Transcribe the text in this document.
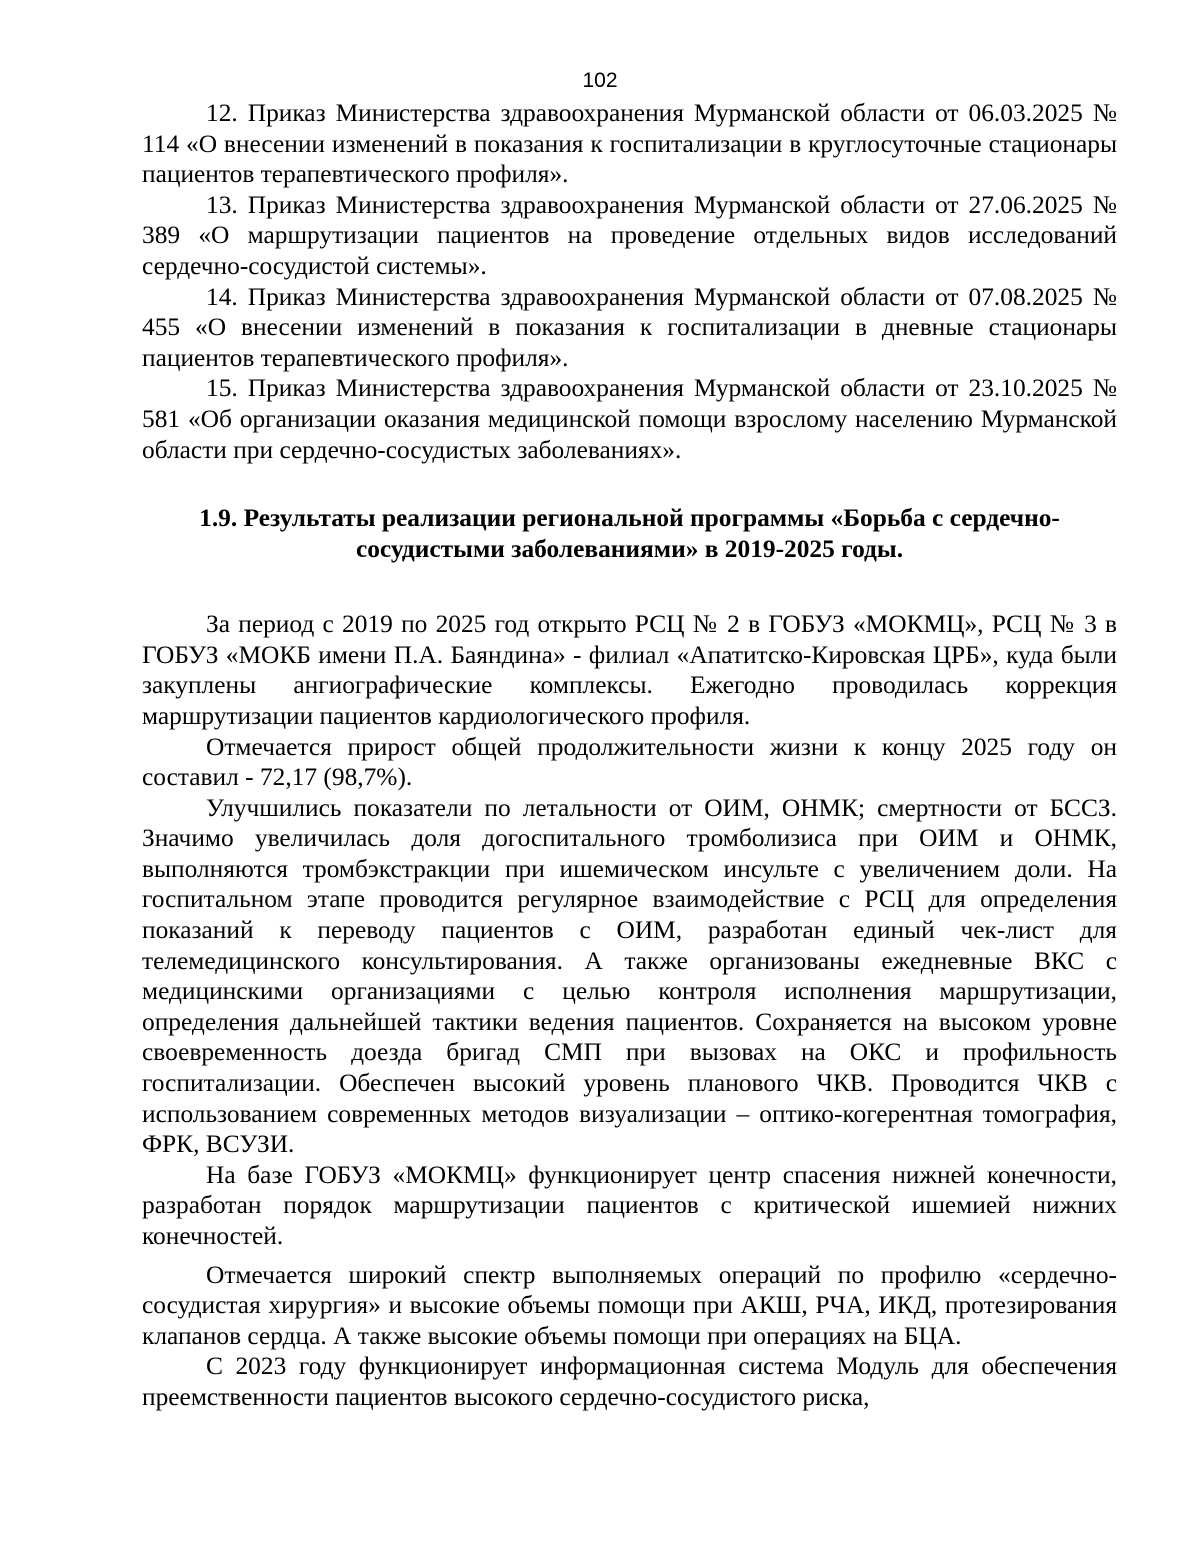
102

12. Приказ Министерства здравоохранения Мурманской области от 06.03.2025 № 114 «О внесении изменений в показания к госпитализации в круглосуточные стационары пациентов терапевтического профиля».

13. Приказ Министерства здравоохранения Мурманской области от 27.06.2025 № 389 «О маршрутизации пациентов на проведение отдельных видов исследований сердечно-сосудистой системы».

14. Приказ Министерства здравоохранения Мурманской области от 07.08.2025 № 455 «О внесении изменений в показания к госпитализации в дневные стационары пациентов терапевтического профиля».

15. Приказ Министерства здравоохранения Мурманской области от 23.10.2025 № 581 «Об организации оказания медицинской помощи взрослому населению Мурманской области при сердечно-сосудистых заболеваниях».

1.9. Результаты реализации региональной программы «Борьба с сердечно-сосудистыми заболеваниями» в 2019-2025 годы.

За период с 2019 по 2025 год открыто РСЦ № 2 в ГОБУЗ «МОКМЦ», РСЦ № 3 в ГОБУЗ «МОКБ имени П.А. Баяндина» - филиал «Апатитско-Кировская ЦРБ», куда были закуплены ангиографические комплексы. Ежегодно проводилась коррекция маршрутизации пациентов кардиологического профиля.

Отмечается прирост общей продолжительности жизни к концу 2025 году он составил - 72,17 (98,7%).

Улучшились показатели по летальности от ОИМ, ОНМК; смертности от БССЗ. Значимо увеличилась доля догоспитального тромболизиса при ОИМ и ОНМК, выполняются тромбэкстракции при ишемическом инсульте с увеличением доли. На госпитальном этапе проводится регулярное взаимодействие с РСЦ для определения показаний к переводу пациентов с ОИМ, разработан единый чек-лист для телемедицинского консультирования. А также организованы ежедневные ВКС с медицинскими организациями с целью контроля исполнения маршрутизации, определения дальнейшей тактики ведения пациентов. Сохраняется на высоком уровне своевременность доезда бригад СМП при вызовах на ОКС и профильность госпитализации. Обеспечен высокий уровень планового ЧКВ. Проводится ЧКВ с использованием современных методов визуализации – оптико-когерентная томография, ФРК, ВСУЗИ.

На базе ГОБУЗ «МОКМЦ» функционирует центр спасения нижней конечности, разработан порядок маршрутизации пациентов с критической ишемией нижних конечностей.

Отмечается широкий спектр выполняемых операций по профилю «сердечно-сосудистая хирургия» и высокие объемы помощи при АКШ, РЧА, ИКД, протезирования клапанов сердца. А также высокие объемы помощи при операциях на БЦА.

С 2023 году функционирует информационная система Модуль для обеспечения преемственности пациентов высокого сердечно-сосудистого риска,
